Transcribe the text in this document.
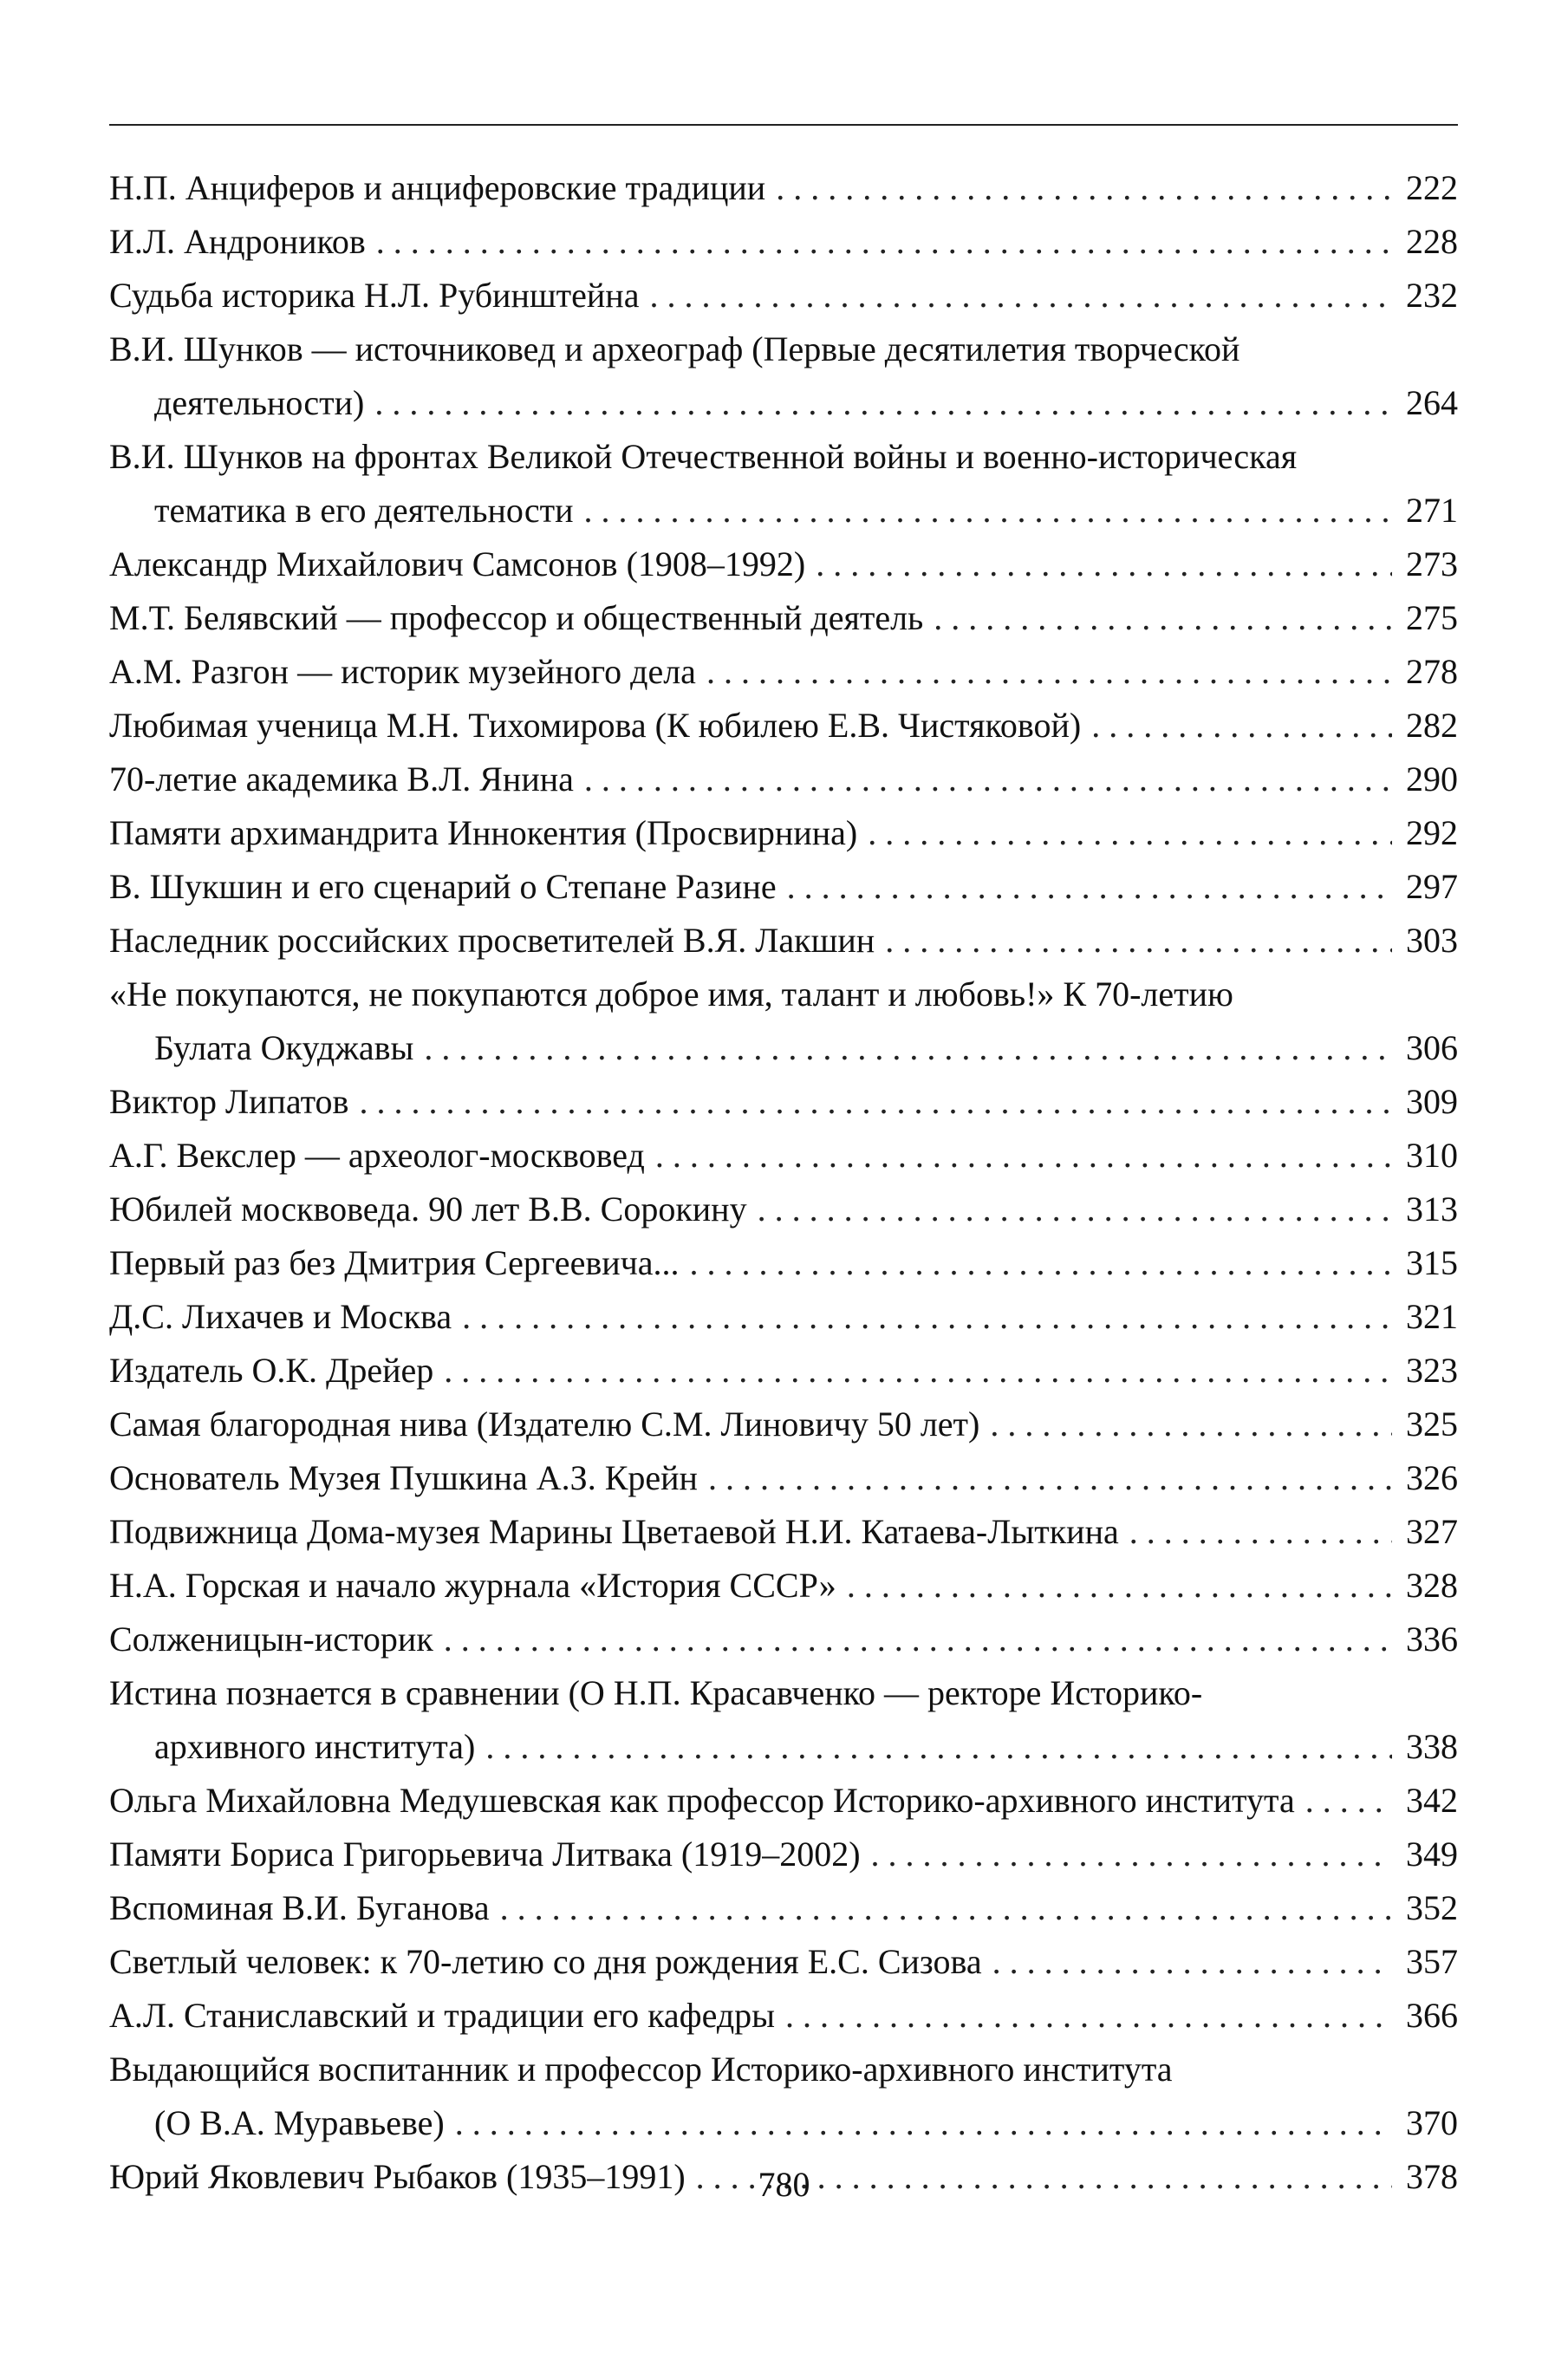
Н.П. Анциферов и анциферовские традиции . . .	222
И.Л. Андроников . . .	228
Судьба историка Н.Л. Рубинштейна . . .	232
В.И. Шунков — источниковед и археограф (Первые десятилетия творческой
деятельности) . . .	264
В.И. Шунков на фронтах Великой Отечественной войны и военно-историческая
тематика в его деятельности . . .	271
Александр Михайлович Самсонов (1908–1992) . . .	273
М.Т. Белявский — профессор и общественный деятель . . .	275
А.М. Разгон — историк музейного дела . . .	278
Любимая ученица М.Н. Тихомирова (К юбилею Е.В. Чистяковой) . . .	282
70-летие академика В.Л. Янина . . .	290
Памяти архимандрита Иннокентия (Просвирнина) . . .	292
В. Шукшин и его сценарий о Степане Разине . . .	297
Наследник российских просветителей В.Я. Лакшин . . .	303
«Не покупаются, не покупаются доброе имя, талант и любовь!» К 70-летию
Булата Окуджавы . . .	306
Виктор Липатов . . .	309
А.Г. Векслер — археолог-москвовед . . .	310
Юбилей москвоведа. 90 лет В.В. Сорокину . . .	313
Первый раз без Дмитрия Сергеевича... . . .	315
Д.С. Лихачев и Москва . . .	321
Издатель О.К. Дрейер . . .	323
Самая благородная нива (Издателю С.М. Линовичу 50 лет) . . .	325
Основатель Музея Пушкина А.З. Крейн . . .	326
Подвижница Дома-музея Марины Цветаевой Н.И. Катаева-Лыткина . . .	327
Н.А. Горская и начало журнала «История СССР» . . .	328
Солженицын-историк . . .	336
Истина познается в сравнении (О Н.П. Красавченко — ректоре Историко-
архивного института) . . .	338
Ольга Михайловна Медушевская как профессор Историко-архивного института . . .	342
Памяти Бориса Григорьевича Литвака (1919–2002) . . .	349
Вспоминая В.И. Буганова . . .	352
Светлый человек: к 70-летию со дня рождения Е.С. Сизова . . .	357
А.Л. Станиславский и традиции его кафедры . . .	366
Выдающийся воспитанник и профессор Историко-архивного института
(О В.А. Муравьеве) . . .	370
Юрий Яковлевич Рыбаков (1935–1991) . . .	378
780
